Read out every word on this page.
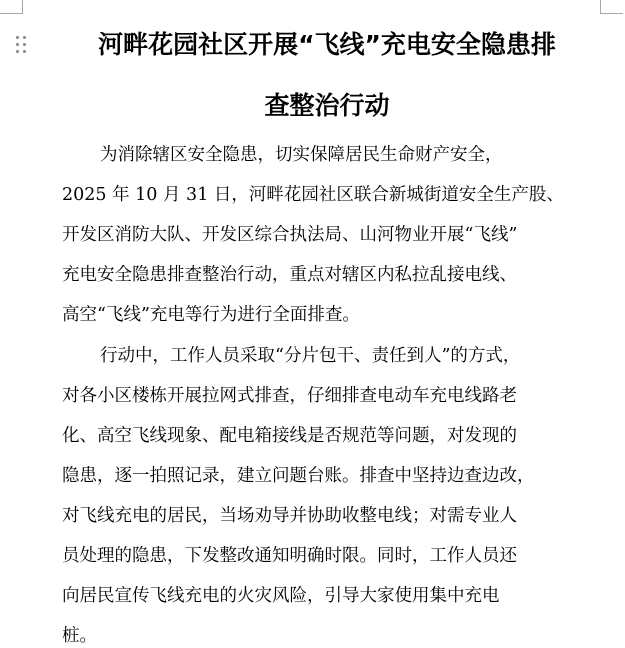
河畔花园社区开展“飞线”充电安全隐患排
查整治行动
为消除辖区安全隐患，切实保障居民生命财产安全，
2025 年 10 月 31 日，河畔花园社区联合新城街道安全生产股、
开发区消防大队、开发区综合执法局、山河物业开展“飞线”
充电安全隐患排查整治行动，重点对辖区内私拉乱接电线、
高空“飞线”充电等行为进行全面排查。
行动中，工作人员采取“分片包干、责任到人”的方式，
对各小区楼栋开展拉网式排查，仔细排查电动车充电线路老
化、高空飞线现象、配电箱接线是否规范等问题，对发现的
隐患，逐一拍照记录，建立问题台账。排查中坚持边查边改，
对飞线充电的居民，当场劝导并协助收整电线；对需专业人
员处理的隐患，下发整改通知明确时限。同时，工作人员还
向居民宣传飞线充电的火灾风险，引导大家使用集中充电
桩。
